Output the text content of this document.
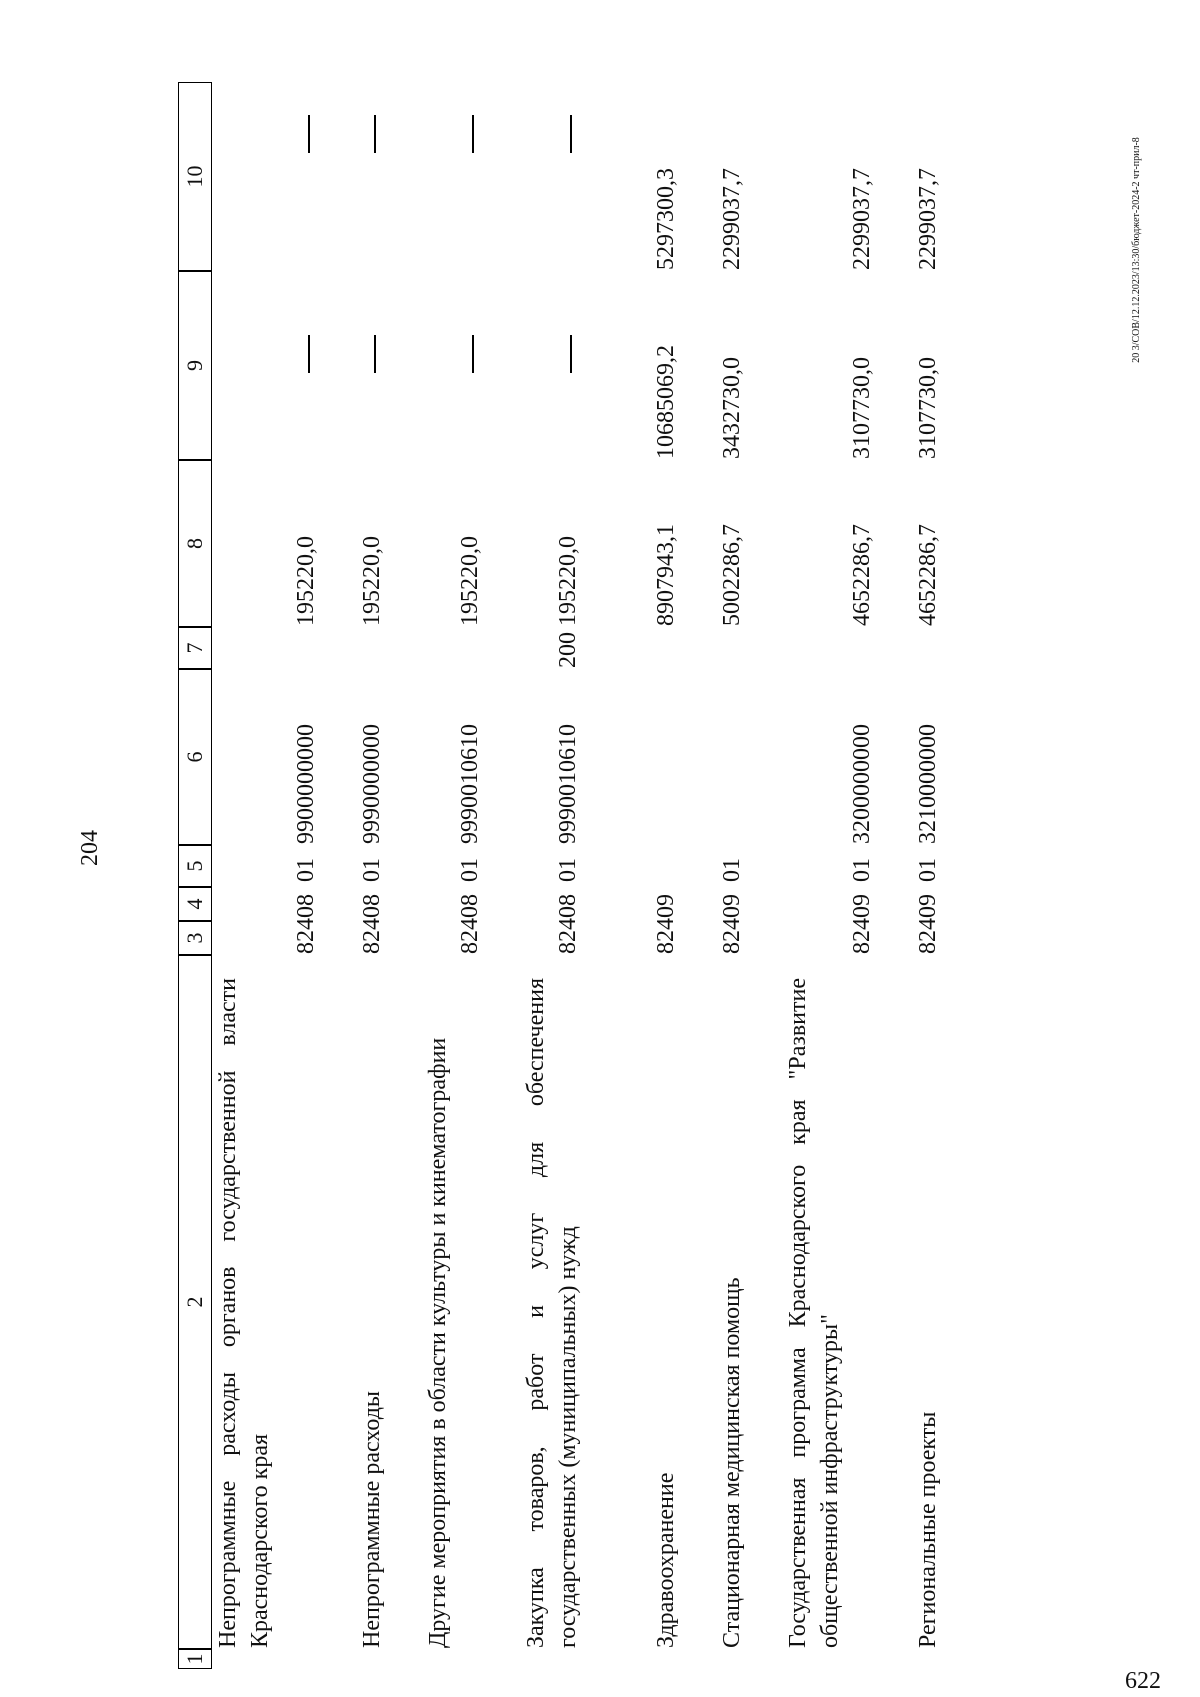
204
20 3/СОВ/12.12.2023/13:30/бюджет-2024-2 чт-прил-8
622
1
2
3
4
5
6
7
8
9
10
Непрограммные расходы органов государственной власти Краснодарского края
824
08
01
9900000000
195220,0
Непрограммные расходы
824
08
01
9990000000
195220,0
Другие мероприятия в области культуры и кинематографии
824
08
01
9990010610
195220,0
Закупка товаров, работ и услуг для обеспечения государственных (муниципальных) нужд
824
08
01
9990010610
200
195220,0
Здравоохранение
824
09
8907943,1
10685069,2
5297300,3
Стационарная медицинская помощь
824
09
01
5002286,7
3432730,0
2299037,7
Государственная программа Краснодарского края "Развитие общественной инфраструктуры"
824
09
01
3200000000
4652286,7
3107730,0
2299037,7
Региональные проекты
824
09
01
3210000000
4652286,7
3107730,0
2299037,7
